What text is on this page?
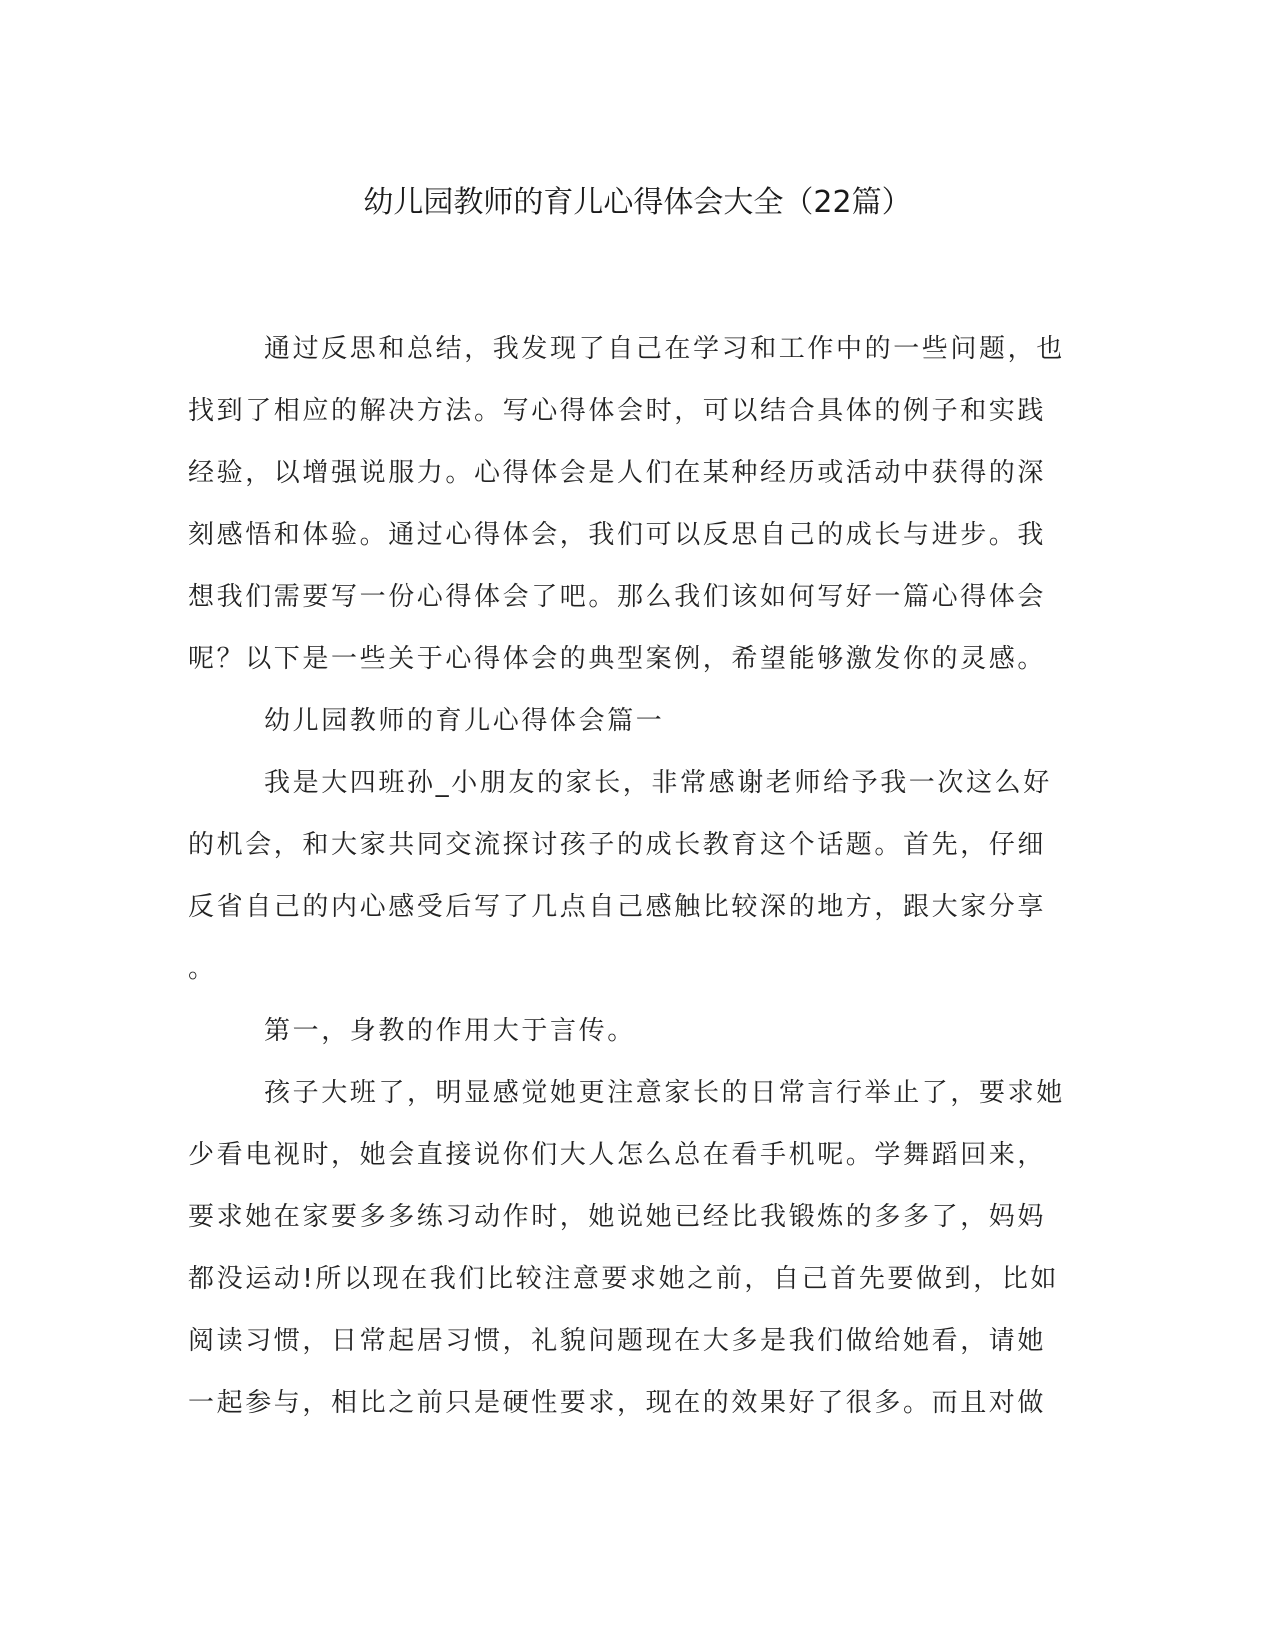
幼儿园教师的育儿心得体会大全（22篇）
通过反思和总结，我发现了自己在学习和工作中的一些问题，也
找到了相应的解决方法。写心得体会时，可以结合具体的例子和实践
经验，以增强说服力。心得体会是人们在某种经历或活动中获得的深
刻感悟和体验。通过心得体会，我们可以反思自己的成长与进步。我
想我们需要写一份心得体会了吧。那么我们该如何写好一篇心得体会
呢？以下是一些关于心得体会的典型案例，希望能够激发你的灵感。
幼儿园教师的育儿心得体会篇一
我是大四班孙_小朋友的家长，非常感谢老师给予我一次这么好
的机会，和大家共同交流探讨孩子的成长教育这个话题。首先，仔细
反省自己的内心感受后写了几点自己感触比较深的地方，跟大家分享
。
第一，身教的作用大于言传。
孩子大班了，明显感觉她更注意家长的日常言行举止了，要求她
少看电视时，她会直接说你们大人怎么总在看手机呢。学舞蹈回来，
要求她在家要多多练习动作时，她说她已经比我锻炼的多多了，妈妈
都没运动!所以现在我们比较注意要求她之前，自己首先要做到，比如
阅读习惯，日常起居习惯，礼貌问题现在大多是我们做给她看，请她
一起参与，相比之前只是硬性要求，现在的效果好了很多。而且对做
